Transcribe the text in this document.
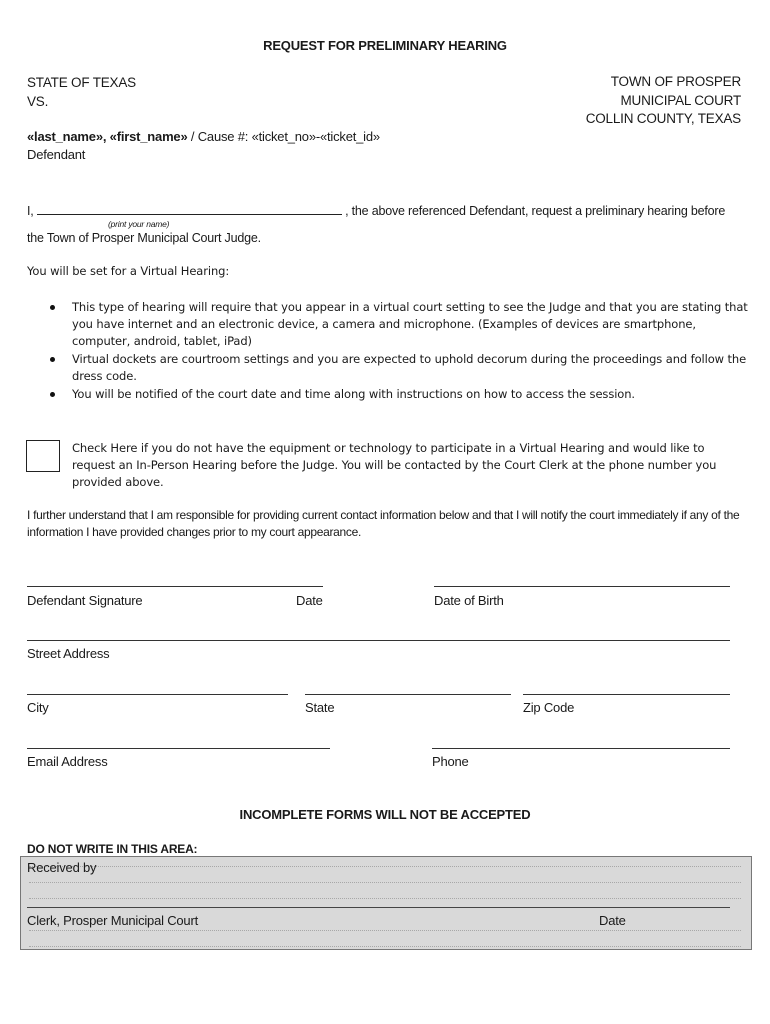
REQUEST FOR PRELIMINARY HEARING
STATE OF TEXAS
VS.
TOWN OF PROSPER
MUNICIPAL COURT
COLLIN COUNTY, TEXAS
«last_name», «first_name» / Cause #: «ticket_no»-«ticket_id»
Defendant
I,	, the above referenced Defendant, request a preliminary hearing before
(print your name)
the Town of Prosper Municipal Court Judge.
You will be set for a Virtual Hearing:
This type of hearing will require that you appear in a virtual court setting to see the Judge and that you are stating that you have internet and an electronic device, a camera and microphone. (Examples of devices are smartphone, computer, android, tablet, iPad)
Virtual dockets are courtroom settings and you are expected to uphold decorum during the proceedings and follow the dress code.
You will be notified of the court date and time along with instructions on how to access the session.
Check Here if you do not have the equipment or technology to participate in a Virtual Hearing and would like to request an In-Person Hearing before the Judge. You will be contacted by the Court Clerk at the phone number you provided above.
I further understand that I am responsible for providing current contact information below and that I will notify the court immediately if any of the information I have provided changes prior to my court appearance.
Defendant Signature	Date	Date of Birth
Street Address
City	State	Zip Code
Email Address	Phone
INCOMPLETE FORMS WILL NOT BE ACCEPTED
DO NOT WRITE IN THIS AREA:
Received by
Clerk, Prosper Municipal Court	Date
